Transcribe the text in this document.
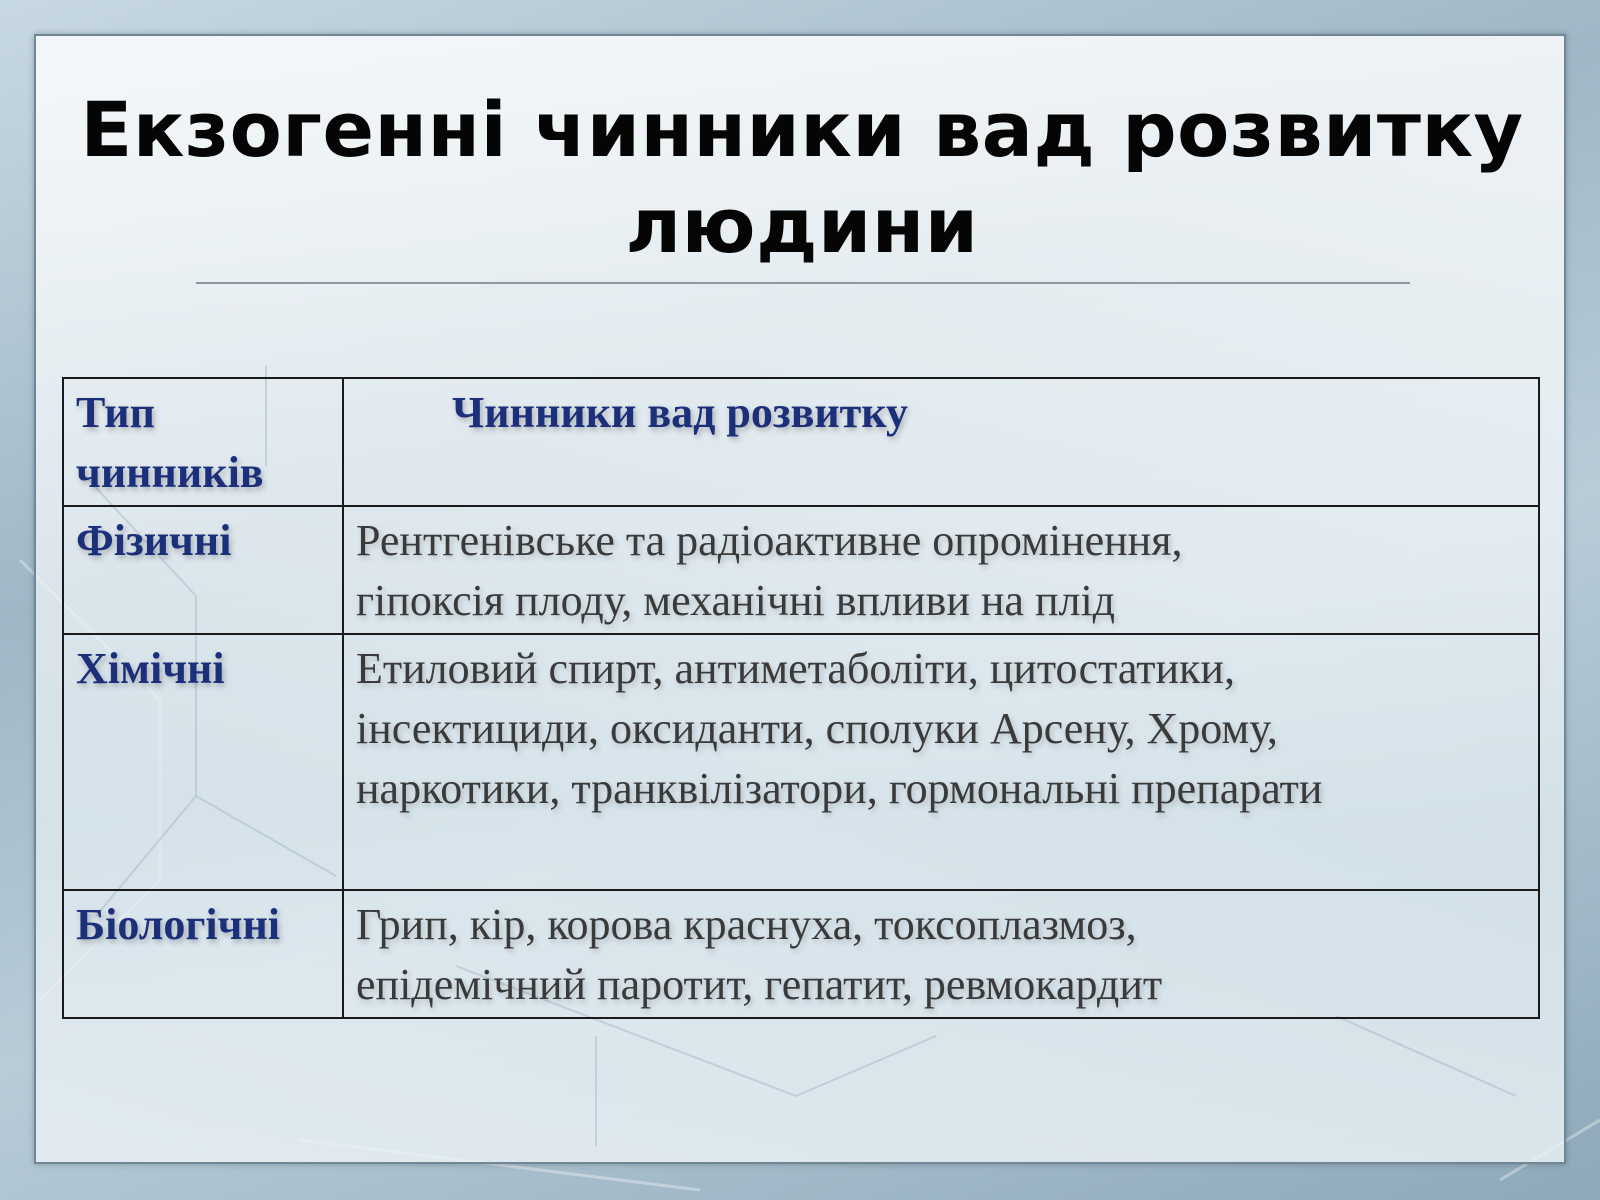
Екзогенні чинники вад розвитку людини
Тип чинників	Чинники вад розвитку
Фізичні	Рентгенівське та радіоактивне опромінення,
гіпоксія плоду, механічні впливи на плід

Хімічні	Етиловий спирт, антиметаболіти, цитостатики,
інсектициди, оксиданти, сполуки Арсену, Хрому,
наркотики, транквілізатори, гормональні препарати

Біологічні	Грип, кір, корова краснуха, токсоплазмоз,
епідемічний паротит, гепатит, ревмокардит
